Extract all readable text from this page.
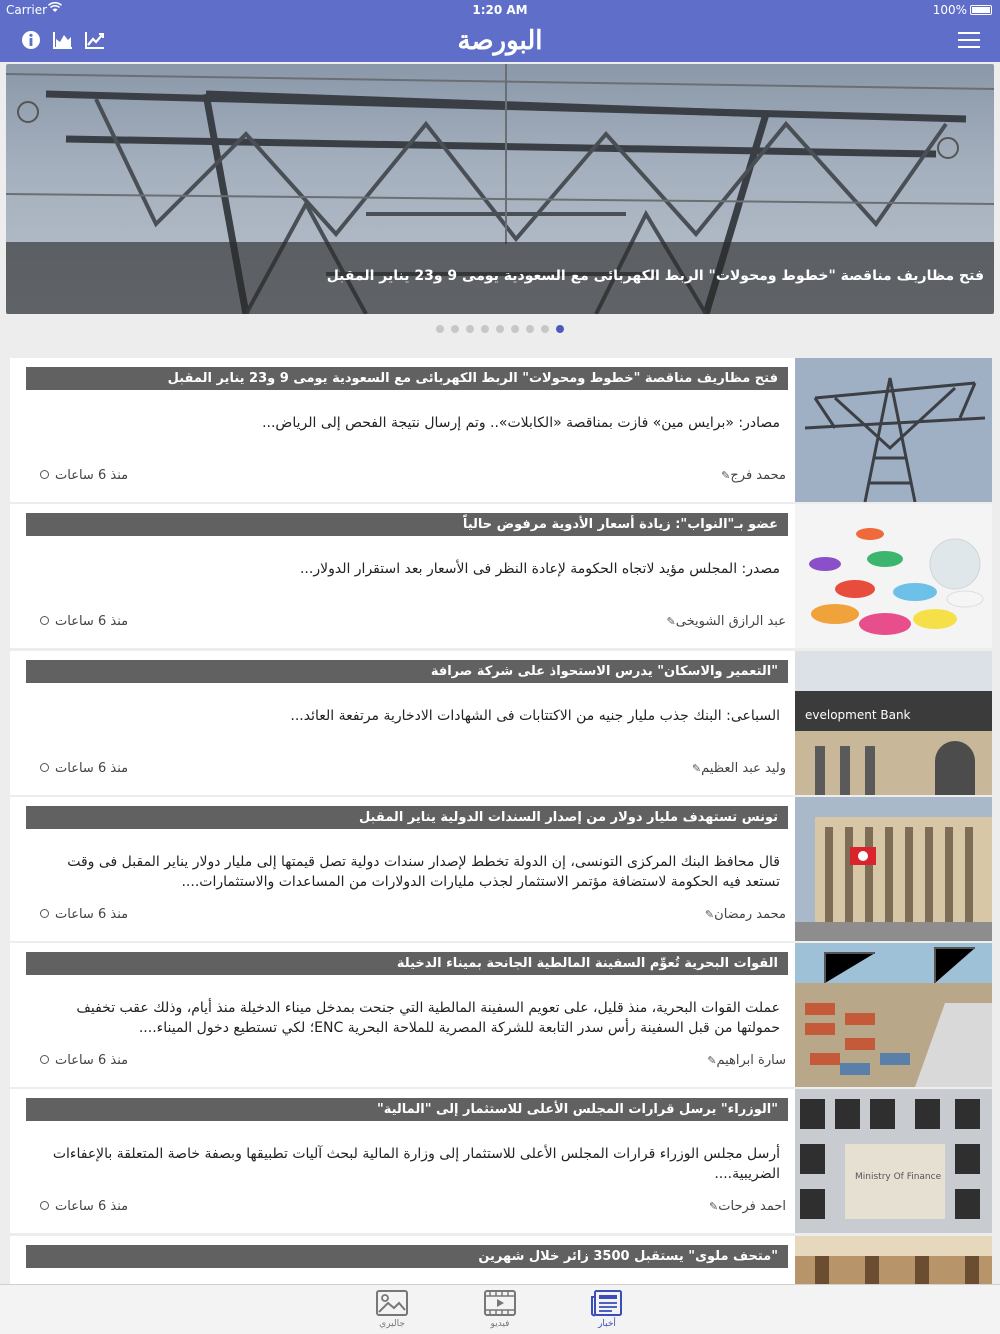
Carrier	1:20 AM	100%
البورصة
فتح مظاريف مناقصة "خطوط ومحولات" الربط الكهربائى مع السعودية يومى 9 و23 يناير المقبل
فتح مظاريف مناقصة "خطوط ومحولات" الربط الكهربائى مع السعودية يومى 9 و23 يناير المقبل
مصادر: «برايس مين» فازت بمناقصة «الكابلات».. وتم إرسال نتيجة الفحص إلى الرياض...
محمد فرج✎
منذ 6 ساعات
عضو بـ"النواب": زيادة أسعار الأدوية مرفوض حالياً
مصدر: المجلس مؤيد لاتجاه الحكومة لإعادة النظر فى الأسعار بعد استقرار الدولار...
عبد الرازق الشويخى✎
منذ 6 ساعات
evelopment Bank
"التعمير والاسكان" يدرس الاستحواذ على شركة صرافة
السباعى: البنك جذب مليار جنيه من الاكتتابات فى الشهادات الادخارية مرتفعة العائد...
وليد عبد العظيم✎
منذ 6 ساعات
تونس تستهدف مليار دولار من إصدار السندات الدولية يناير المقبل
قال محافظ البنك المركزى التونسى، إن الدولة تخطط لإصدار سندات دولية تصل قيمتها إلى مليار دولار يناير المقبل فى وقت تستعد فيه الحكومة لاستضافة مؤتمر الاستثمار لجذب مليارات الدولارات من المساعدات والاستثمارات....
محمد رمضان✎
منذ 6 ساعات
القوات البحرية تُعوِّم السفينة المالطية الجانحة بميناء الدخيلة
عملت القوات البحرية، منذ قليل، على تعويم السفينة المالطية التي جنحت بمدخل ميناء الدخيلة منذ أيام، وذلك عقب تخفيف حمولتها من قبل السفينة رأس سدر التابعة للشركة المصرية للملاحة البحرية ENC؛ لكي تستطيع دخول الميناء....
سارة ابراهيم✎
منذ 6 ساعات
Ministry Of Finance
"الوزراء" يرسل قرارات المجلس الأعلى للاستثمار إلى "المالية"
أرسل مجلس الوزراء قرارات المجلس الأعلى للاستثمار إلى وزارة المالية لبحث آليات تطبيقها وبصفة خاصة المتعلقة بالإعفاءات الضريبية....
احمد فرحات✎
منذ 6 ساعات
"متحف ملوى" يستقبل 3500 زائر خلال شهرين
جاليري	فيديو	أخبار
